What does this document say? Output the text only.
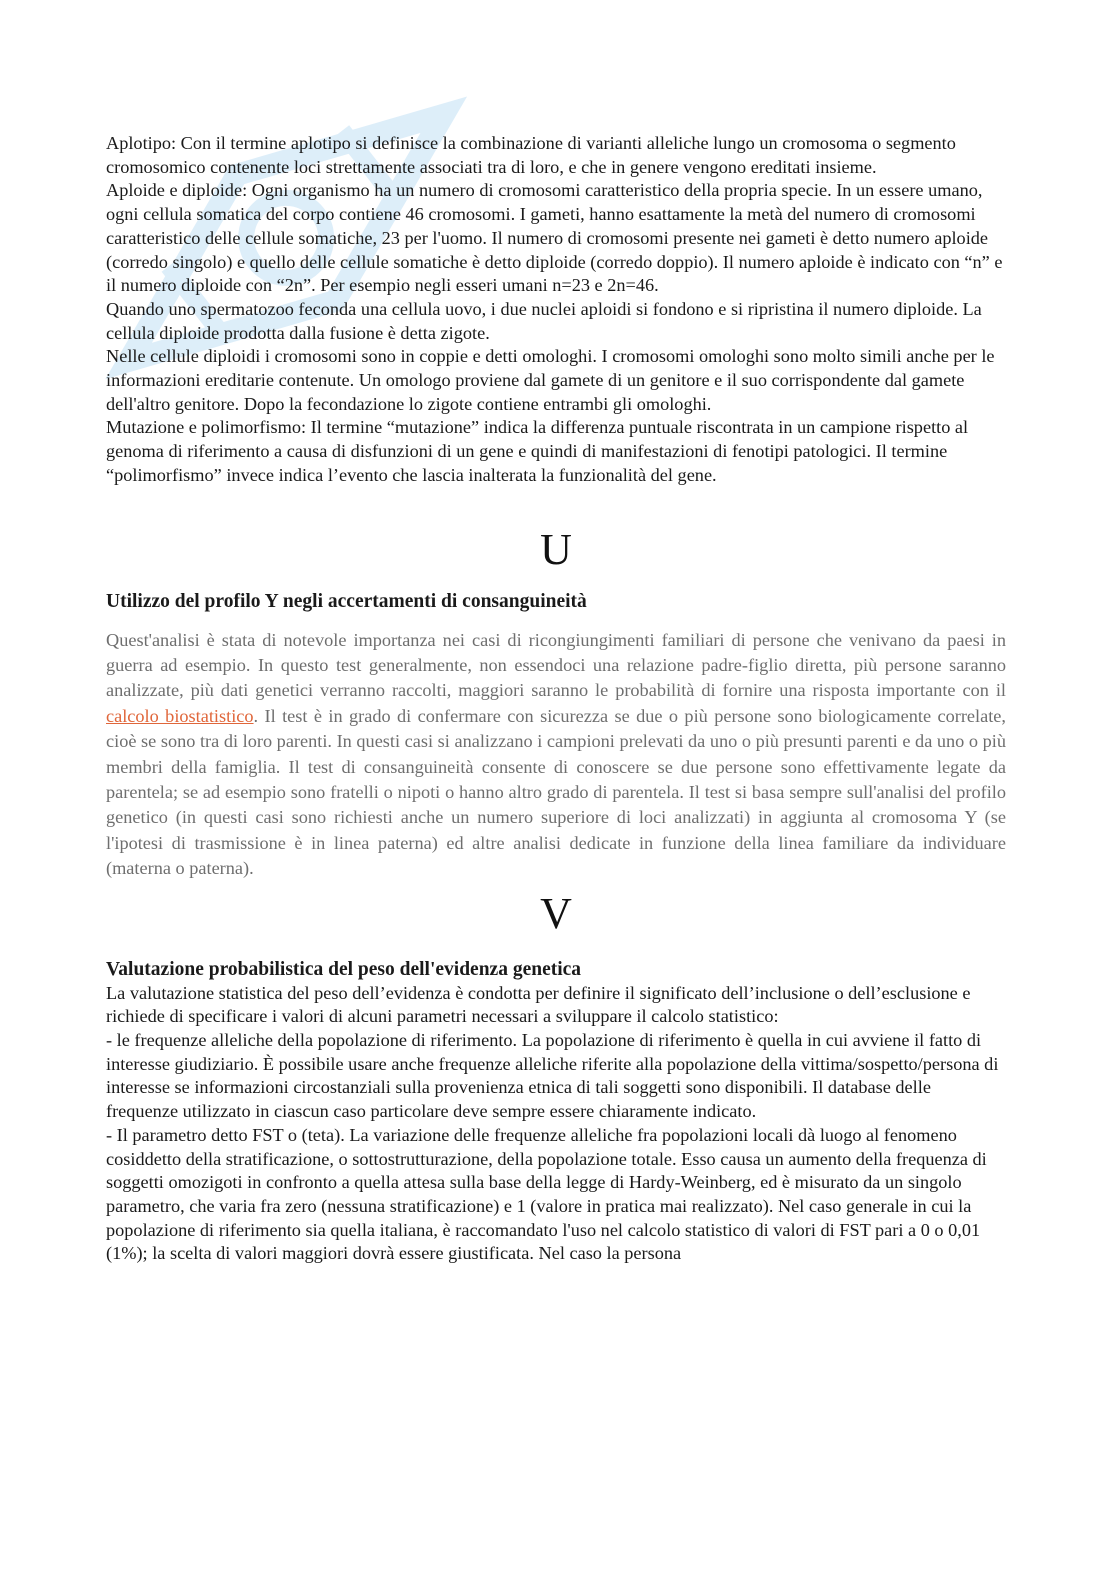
Aplotipo: Con il termine aplotipo si definisce la combinazione di varianti alleliche lungo un cromosoma o segmento cromosomico contenente loci strettamente associati tra di loro, e che in genere vengono ereditati insieme.

Aploide e diploide: Ogni organismo ha un numero di cromosomi caratteristico della propria specie. In un essere umano, ogni cellula somatica del corpo contiene 46 cromosomi. I gameti, hanno esattamente la metà del numero di cromosomi caratteristico delle cellule somatiche, 23 per l'uomo. Il numero di cromosomi presente nei gameti è detto numero aploide (corredo singolo) e quello delle cellule somatiche è detto diploide (corredo doppio). Il numero aploide è indicato con “n” e il numero diploide con “2n”. Per esempio negli esseri umani n=23 e 2n=46.

Quando uno spermatozoo feconda una cellula uovo, i due nuclei aploidi si fondono e si ripristina il numero diploide. La cellula diploide prodotta dalla fusione è detta zigote.

Nelle cellule diploidi i cromosomi sono in coppie e detti omologhi. I cromosomi omologhi sono molto simili anche per le informazioni ereditarie contenute. Un omologo proviene dal gamete di un genitore e il suo corrispondente dal gamete dell'altro genitore. Dopo la fecondazione lo zigote contiene entrambi gli omologhi.

Mutazione e polimorfismo: Il termine “mutazione” indica la differenza puntuale riscontrata in un campione rispetto al genoma di riferimento a causa di disfunzioni di un gene e quindi di manifestazioni di fenotipi patologici. Il termine “polimorfismo” invece indica l’evento che lascia inalterata la funzionalità del gene.

U

Utilizzo del profilo Y negli accertamenti di consanguineità

Quest'analisi è stata di notevole importanza nei casi di ricongiungimenti familiari di persone che venivano da paesi in guerra ad esempio. In questo test generalmente, non essendoci una relazione padre-figlio diretta, più persone saranno analizzate, più dati genetici verranno raccolti, maggiori saranno le probabilità di fornire una risposta importante con il calcolo biostatistico. Il test è in grado di confermare con sicurezza se due o più persone sono biologicamente correlate, cioè se sono tra di loro parenti. In questi casi si analizzano i campioni prelevati da uno o più presunti parenti e da uno o più membri della famiglia. Il test di consanguineità consente di conoscere se due persone sono effettivamente legate da parentela; se ad esempio sono fratelli o nipoti o hanno altro grado di parentela. Il test si basa sempre sull'analisi del profilo genetico (in questi casi sono richiesti anche un numero superiore di loci analizzati) in aggiunta al cromosoma Y (se l'ipotesi di trasmissione è in linea paterna) ed altre analisi dedicate in funzione della linea familiare da individuare (materna o paterna).

V

Valutazione probabilistica del peso dell'evidenza genetica

La valutazione statistica del peso dell’evidenza è condotta per definire il significato dell’inclusione o dell’esclusione e richiede di specificare i valori di alcuni parametri necessari a sviluppare il calcolo statistico:

- le frequenze alleliche della popolazione di riferimento. La popolazione di riferimento è quella in cui avviene il fatto di interesse giudiziario. È possibile usare anche frequenze alleliche riferite alla popolazione della vittima/sospetto/persona di interesse se informazioni circostanziali sulla provenienza etnica di tali soggetti sono disponibili. Il database delle frequenze utilizzato in ciascun caso particolare deve sempre essere chiaramente indicato.

- Il parametro detto FST o (teta). La variazione delle frequenze alleliche fra popolazioni locali dà luogo al fenomeno cosiddetto della stratificazione, o sottostrutturazione, della popolazione totale. Esso causa un aumento della frequenza di soggetti omozigoti in confronto a quella attesa sulla base della legge di Hardy-Weinberg, ed è misurato da un singolo parametro, che varia fra zero (nessuna stratificazione) e 1 (valore in pratica mai realizzato). Nel caso generale in cui la popolazione di riferimento sia quella italiana, è raccomandato l'uso nel calcolo statistico di valori di FST pari a 0 o 0,01 (1%); la scelta di valori maggiori dovrà essere giustificata. Nel caso la persona
